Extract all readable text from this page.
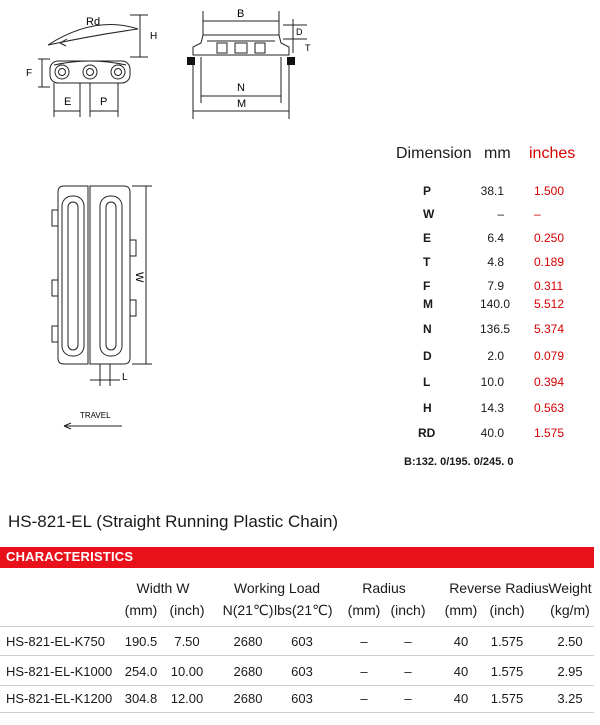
Rd
H
F
E	P
B
D
T
N
M
W
L
TRAVEL
Dimension mm inches
P	38.1	1.500
W	–	–
E	6.4	0.250
T	4.8	0.189
F	7.9	0.311
M	140.0 5.512
N	136.5 5.374
D	2.0	0.079
L	10.0	0.394
H	14.3	0.563
RD	40.0	1.575
B:132. 0/195. 0/245. 0
HS-821-EL (Straight Running Plastic Chain)
CHARACTERISTICS
Width W	Working Load	Radius	Reverse Radius Weight
(mm) (inch) N(21℃) lbs(21℃) (mm) (inch) (mm) (inch)	(kg/m)
HS-821-EL-K750	190.5	7.50	2680	603	–	–	40	1.575	2.50
HS-821-EL-K1000 254.0 10.00	2680	603	–	–	40	1.575	2.95
HS-821-EL-K1200 304.8 12.00	2680	603	–	–	40	1.575	3.25
